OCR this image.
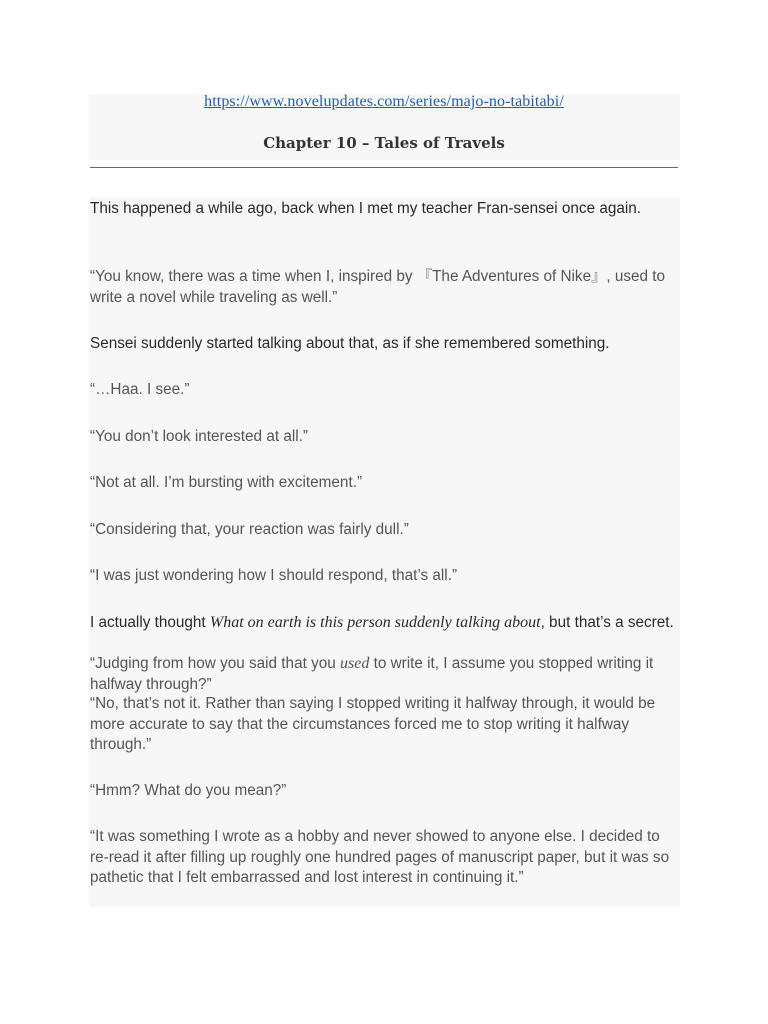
https://www.novelupdates.com/series/majo-no-tabitabi/
Chapter 10 – Tales of Travels

This happened a while ago, back when I met my teacher Fran-sensei once again.

“You know, there was a time when I, inspired by 『The Adventures of Nike』, used to write a novel while traveling as well.”

Sensei suddenly started talking about that, as if she remembered something.

“…Haa. I see.”

“You don’t look interested at all.”

“Not at all. I’m bursting with excitement.”

“Considering that, your reaction was fairly dull.”

“I was just wondering how I should respond, that’s all.”

I actually thought What on earth is this person suddenly talking about, but that’s a secret.

“Judging from how you said that you used to write it, I assume you stopped writing it halfway through?”

“No, that’s not it. Rather than saying I stopped writing it halfway through, it would be more accurate to say that the circumstances forced me to stop writing it halfway through.”

“Hmm? What do you mean?”

“It was something I wrote as a hobby and never showed to anyone else. I decided to re-read it after filling up roughly one hundred pages of manuscript paper, but it was so pathetic that I felt embarrassed and lost interest in continuing it.”
